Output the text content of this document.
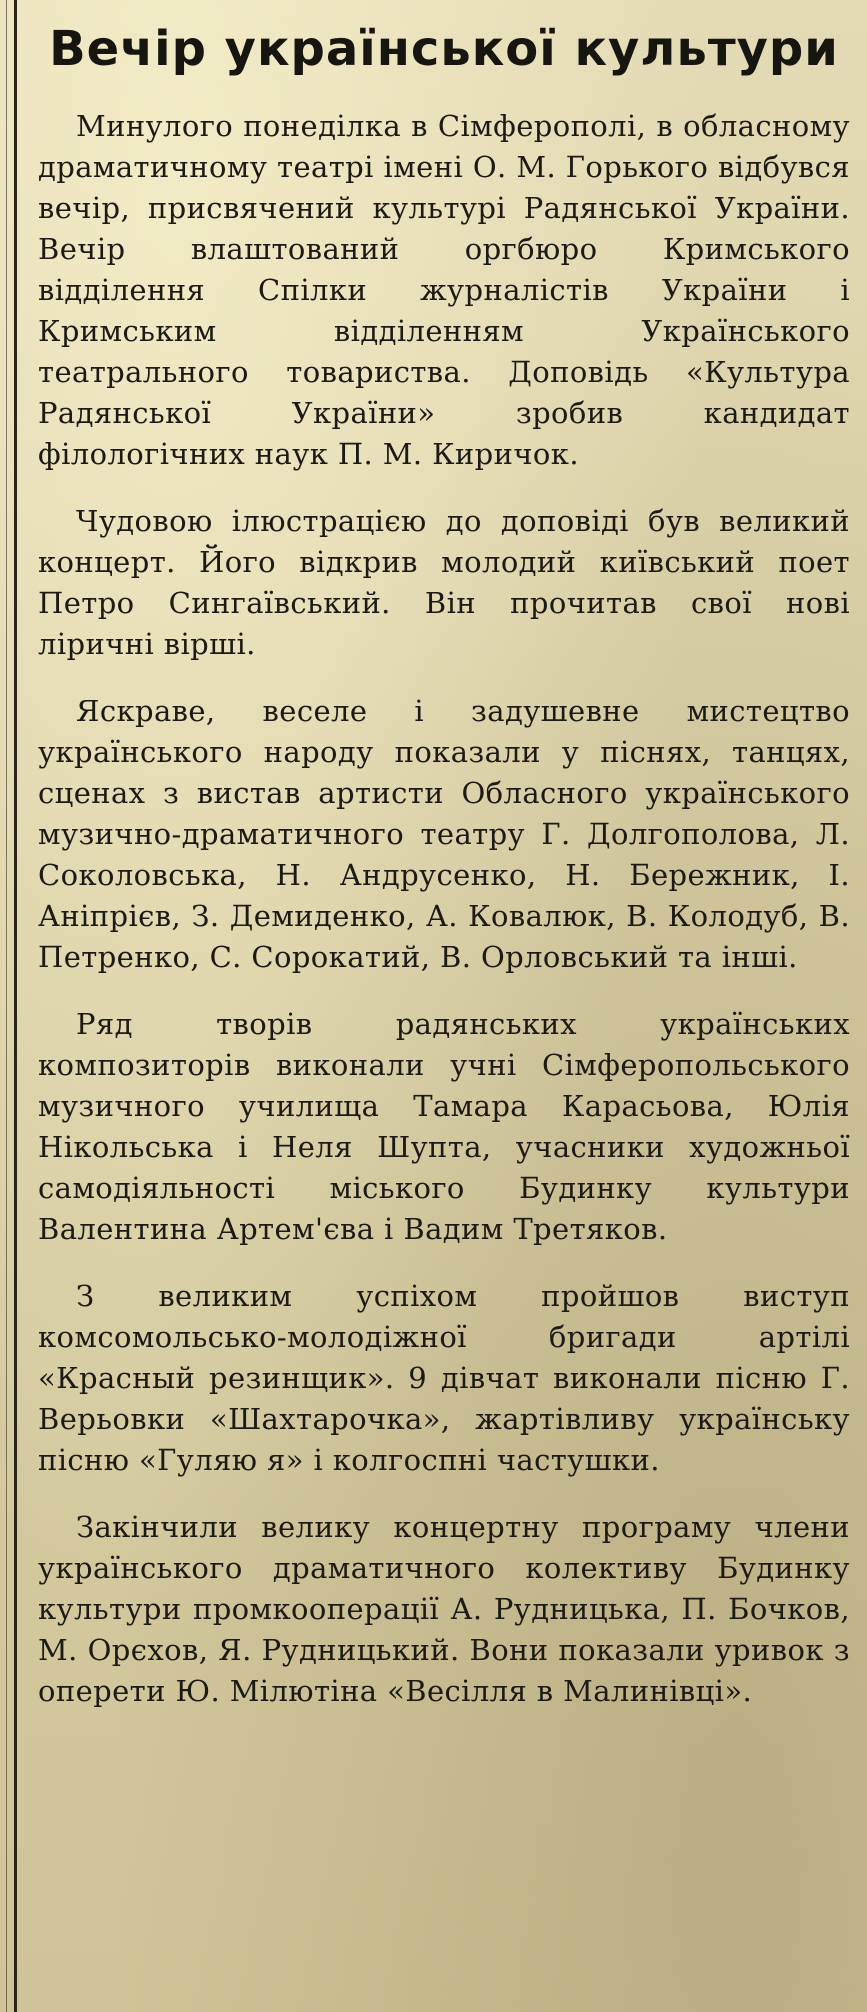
Вечір української культури

Минулого понеділка в Сімферополі, в обласному драматичному театрі імені О. М. Горького відбувся вечір, присвячений культурі Радянської України. Вечір влаштований оргбюро Кримського відділення Спілки журналістів України і Кримським відділенням Українського театрального товариства. Доповідь «Культура Радянської України» зробив кандидат філологічних наук П. М. Киричок.

Чудовою ілюстрацією до доповіді був великий концерт. Його відкрив молодий київський поет Петро Сингаївський. Він прочитав свої нові ліричні вірші.

Яскраве, веселе і задушевне мистецтво українського народу показали у піснях, танцях, сценах з вистав артисти Обласного українського музично-драматичного театру Г. Долгополова, Л. Соколовська, Н. Андрусенко, Н. Бережник, І. Аніпрієв, З. Демиденко, А. Ковалюк, В. Колодуб, В. Петренко, С. Сорокатий, В. Орловський та інші.

Ряд творів радянських українських композиторів виконали учні Сімферопольського музичного училища Тамара Карасьова, Юлія Нікольська і Неля Шупта, учасники художньої самодіяльності міського Будинку культури Валентина Артем'єва і Вадим Третяков.

З великим успіхом пройшов виступ комсомольсько-молодіжної бригади артілі «Красный резинщик». 9 дівчат виконали пісню Г. Верьовки «Шахтарочка», жартівливу українську пісню «Гуляю я» і колгоспні частушки.

Закінчили велику концертну програму члени українського драматичного колективу Будинку культури промкооперації А. Рудницька, П. Бочков, М. Орєхов, Я. Рудницький. Вони показали уривок з оперети Ю. Мілютіна «Весілля в Малинівці».
